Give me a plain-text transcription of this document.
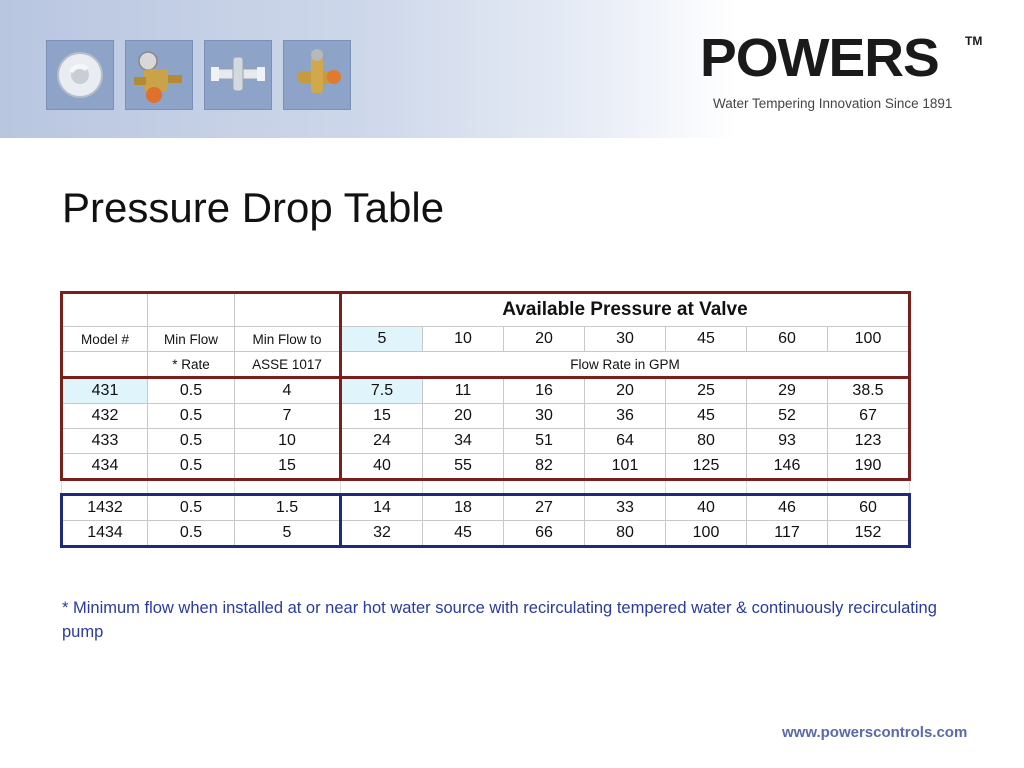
POWERS	TM
Water Tempering Innovation Since 1891
Pressure Drop Table
			Available Pressure at Valve						
Model #	Min Flow	Min Flow to	5	10	20	30	45	60	100
	* Rate	ASSE 1017	Flow Rate in GPM						
431	0.5	4	7.5	11	16	20	25	29	38.5
432	0.5	7	15	20	30	36	45	52	67
433	0.5	10	24	34	51	64	80	93	123
434	0.5	15	40	55	82	101	125	146	190

1432	0.5	1.5	14	18	27	33	40	46	60
1434	0.5	5	32	45	66	80	100	117	152
* Minimum flow when installed at or near hot water source with recirculating tempered water & continuously recirculating pump
www.powerscontrols.com
